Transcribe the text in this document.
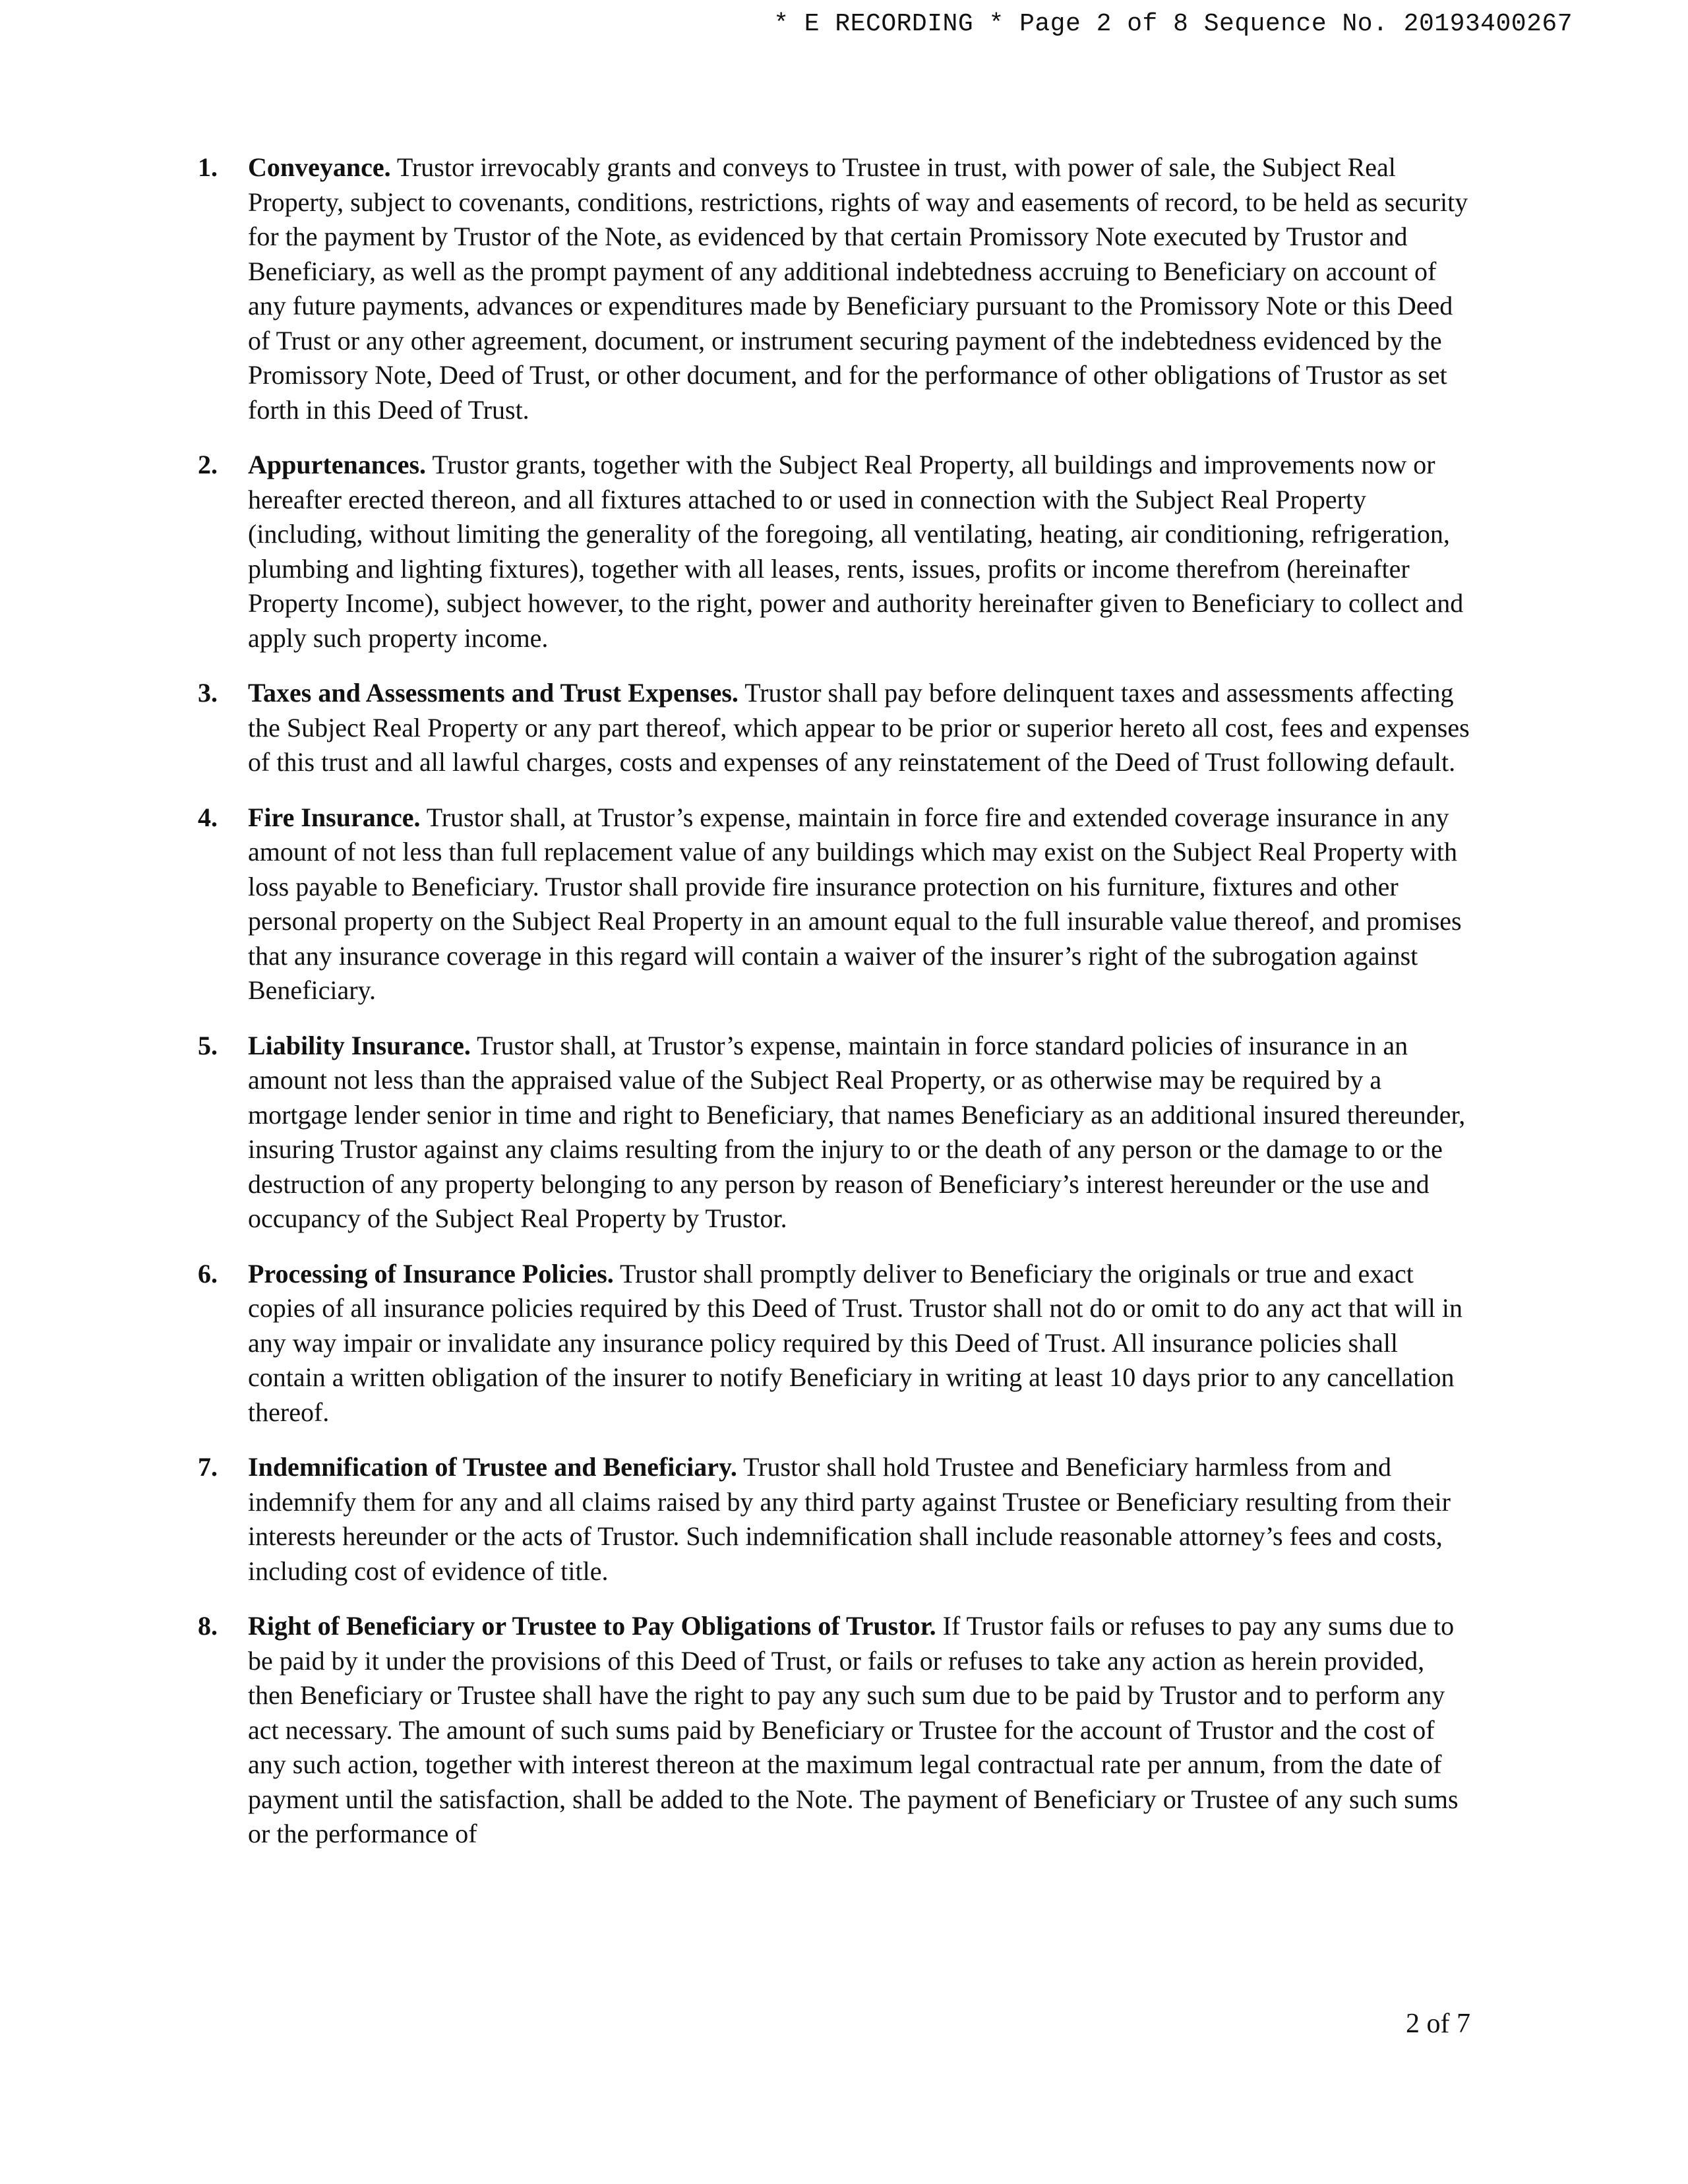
* E RECORDING * Page 2 of 8 Sequence No. 20193400267
1. Conveyance. Trustor irrevocably grants and conveys to Trustee in trust, with power of sale, the Subject Real Property, subject to covenants, conditions, restrictions, rights of way and easements of record, to be held as security for the payment by Trustor of the Note, as evidenced by that certain Promissory Note executed by Trustor and Beneficiary, as well as the prompt payment of any additional indebtedness accruing to Beneficiary on account of any future payments, advances or expenditures made by Beneficiary pursuant to the Promissory Note or this Deed of Trust or any other agreement, document, or instrument securing payment of the indebtedness evidenced by the Promissory Note, Deed of Trust, or other document, and for the performance of other obligations of Trustor as set forth in this Deed of Trust.
2. Appurtenances. Trustor grants, together with the Subject Real Property, all buildings and improvements now or hereafter erected thereon, and all fixtures attached to or used in connection with the Subject Real Property (including, without limiting the generality of the foregoing, all ventilating, heating, air conditioning, refrigeration, plumbing and lighting fixtures), together with all leases, rents, issues, profits or income therefrom (hereinafter Property Income), subject however, to the right, power and authority hereinafter given to Beneficiary to collect and apply such property income.
3. Taxes and Assessments and Trust Expenses. Trustor shall pay before delinquent taxes and assessments affecting the Subject Real Property or any part thereof, which appear to be prior or superior hereto all cost, fees and expenses of this trust and all lawful charges, costs and expenses of any reinstatement of the Deed of Trust following default.
4. Fire Insurance. Trustor shall, at Trustor’s expense, maintain in force fire and extended coverage insurance in any amount of not less than full replacement value of any buildings which may exist on the Subject Real Property with loss payable to Beneficiary. Trustor shall provide fire insurance protection on his furniture, fixtures and other personal property on the Subject Real Property in an amount equal to the full insurable value thereof, and promises that any insurance coverage in this regard will contain a waiver of the insurer’s right of the subrogation against Beneficiary.
5. Liability Insurance. Trustor shall, at Trustor’s expense, maintain in force standard policies of insurance in an amount not less than the appraised value of the Subject Real Property, or as otherwise may be required by a mortgage lender senior in time and right to Beneficiary, that names Beneficiary as an additional insured thereunder, insuring Trustor against any claims resulting from the injury to or the death of any person or the damage to or the destruction of any property belonging to any person by reason of Beneficiary’s interest hereunder or the use and occupancy of the Subject Real Property by Trustor.
6. Processing of Insurance Policies. Trustor shall promptly deliver to Beneficiary the originals or true and exact copies of all insurance policies required by this Deed of Trust. Trustor shall not do or omit to do any act that will in any way impair or invalidate any insurance policy required by this Deed of Trust. All insurance policies shall contain a written obligation of the insurer to notify Beneficiary in writing at least 10 days prior to any cancellation thereof.
7. Indemnification of Trustee and Beneficiary. Trustor shall hold Trustee and Beneficiary harmless from and indemnify them for any and all claims raised by any third party against Trustee or Beneficiary resulting from their interests hereunder or the acts of Trustor. Such indemnification shall include reasonable attorney’s fees and costs, including cost of evidence of title.
8. Right of Beneficiary or Trustee to Pay Obligations of Trustor. If Trustor fails or refuses to pay any sums due to be paid by it under the provisions of this Deed of Trust, or fails or refuses to take any action as herein provided, then Beneficiary or Trustee shall have the right to pay any such sum due to be paid by Trustor and to perform any act necessary. The amount of such sums paid by Beneficiary or Trustee for the account of Trustor and the cost of any such action, together with interest thereon at the maximum legal contractual rate per annum, from the date of payment until the satisfaction, shall be added to the Note. The payment of Beneficiary or Trustee of any such sums or the performance of
2 of 7
